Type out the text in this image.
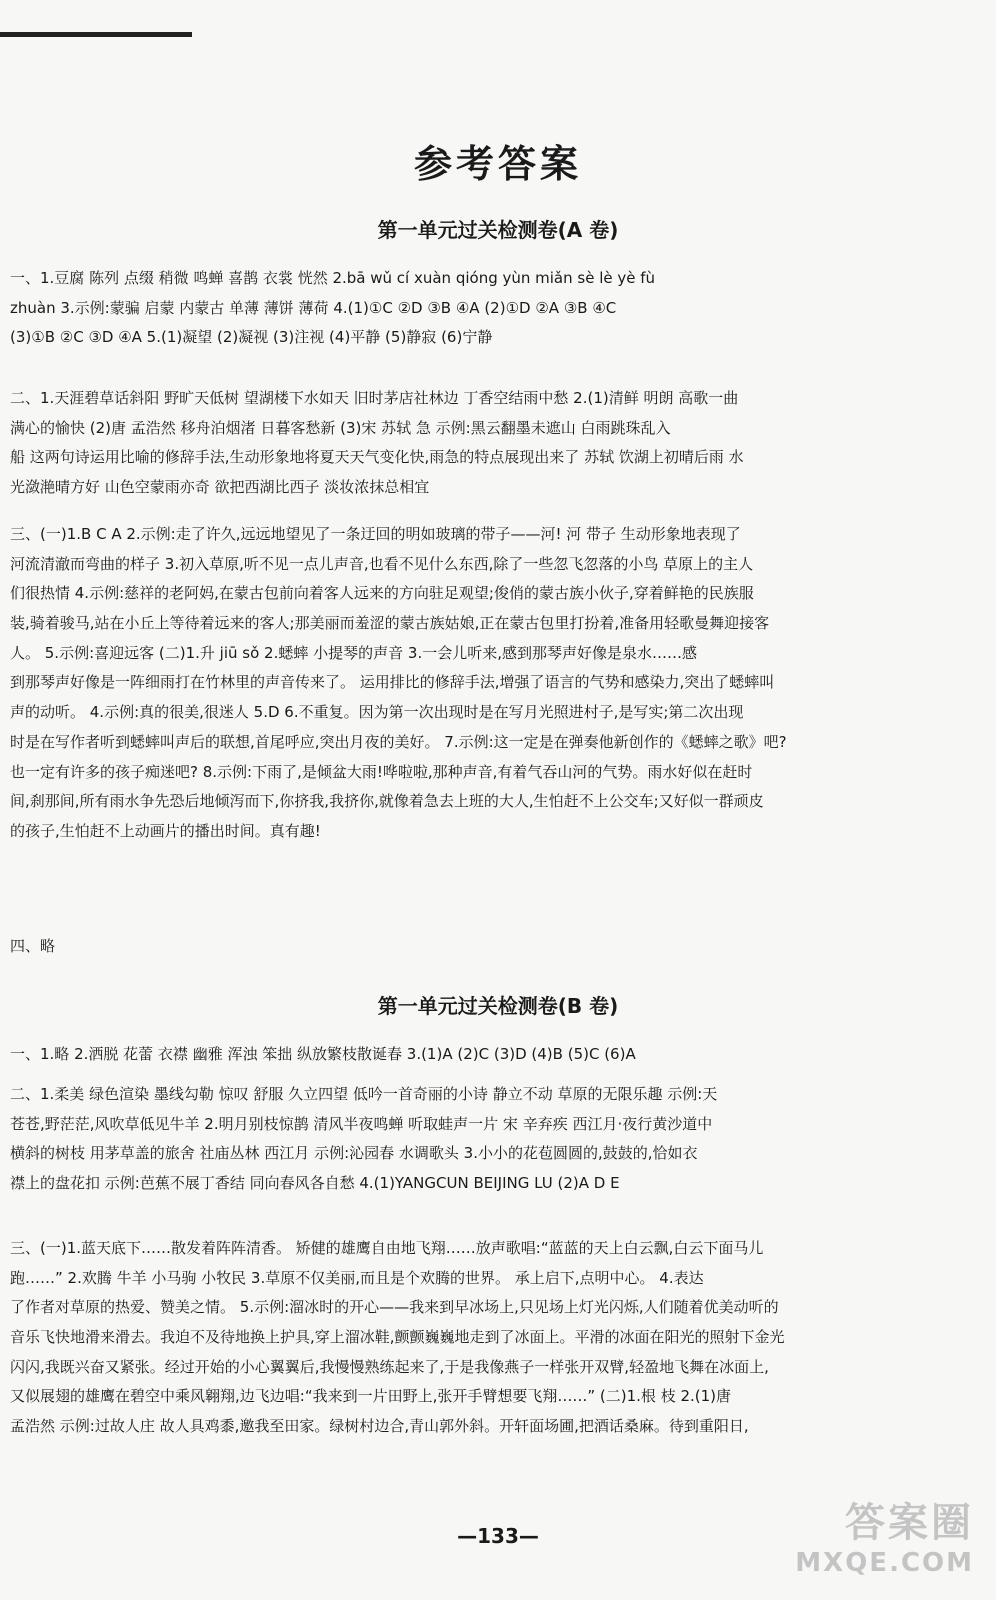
参考答案
第一单元过关检测卷(A 卷)
一、1.豆腐 陈列 点缀 稍微 鸣蝉 喜鹊 衣裳 恍然 2.bā wǔ cí xuàn qióng yùn miǎn sè lè yè fù
zhuàn 3.示例:蒙骗 启蒙 内蒙古 单薄 薄饼 薄荷 4.(1)①C ②D ③B ④A (2)①D ②A ③B ④C
(3)①B ②C ③D ④A 5.(1)凝望 (2)凝视 (3)注视 (4)平静 (5)静寂 (6)宁静
二、1.天涯碧草话斜阳 野旷天低树 望湖楼下水如天 旧时茅店社林边 丁香空结雨中愁 2.(1)清鲜 明朗 高歌一曲
满心的愉快 (2)唐 孟浩然 移舟泊烟渚 日暮客愁新 (3)宋 苏轼 急 示例:黑云翻墨未遮山 白雨跳珠乱入
船 这两句诗运用比喻的修辞手法,生动形象地将夏天天气变化快,雨急的特点展现出来了 苏轼 饮湖上初晴后雨 水
光潋滟晴方好 山色空蒙雨亦奇 欲把西湖比西子 淡妆浓抹总相宜
三、(一)1.B C A 2.示例:走了许久,远远地望见了一条迂回的明如玻璃的带子——河! 河 带子 生动形象地表现了
河流清澈而弯曲的样子 3.初入草原,听不见一点儿声音,也看不见什么东西,除了一些忽飞忽落的小鸟 草原上的主人
们很热情 4.示例:慈祥的老阿妈,在蒙古包前向着客人远来的方向驻足观望;俊俏的蒙古族小伙子,穿着鲜艳的民族服
装,骑着骏马,站在小丘上等待着远来的客人;那美丽而羞涩的蒙古族姑娘,正在蒙古包里打扮着,准备用轻歌曼舞迎接客
人。 5.示例:喜迎远客 (二)1.升 jiū sǒ 2.蟋蟀 小提琴的声音 3.一会儿听来,感到那琴声好像是泉水……感
到那琴声好像是一阵细雨打在竹林里的声音传来了。 运用排比的修辞手法,增强了语言的气势和感染力,突出了蟋蟀叫
声的动听。 4.示例:真的很美,很迷人 5.D 6.不重复。因为第一次出现时是在写月光照进村子,是写实;第二次出现
时是在写作者听到蟋蟀叫声后的联想,首尾呼应,突出月夜的美好。 7.示例:这一定是在弹奏他新创作的《蟋蟀之歌》吧?
也一定有许多的孩子痴迷吧? 8.示例:下雨了,是倾盆大雨!哗啦啦,那种声音,有着气吞山河的气势。雨水好似在赶时
间,刹那间,所有雨水争先恐后地倾泻而下,你挤我,我挤你,就像着急去上班的大人,生怕赶不上公交车;又好似一群顽皮
的孩子,生怕赶不上动画片的播出时间。真有趣!
四、略
第一单元过关检测卷(B 卷)
一、1.略 2.洒脱 花蕾 衣襟 幽雅 浑浊 笨拙 纵放繁枝散诞春 3.(1)A (2)C (3)D (4)B (5)C (6)A
二、1.柔美 绿色渲染 墨线勾勒 惊叹 舒服 久立四望 低吟一首奇丽的小诗 静立不动 草原的无限乐趣 示例:天
苍苍,野茫茫,风吹草低见牛羊 2.明月别枝惊鹊 清风半夜鸣蝉 听取蛙声一片 宋 辛弃疾 西江月·夜行黄沙道中
横斜的树枝 用茅草盖的旅舍 社庙丛林 西江月 示例:沁园春 水调歌头 3.小小的花苞圆圆的,鼓鼓的,恰如衣
襟上的盘花扣 示例:芭蕉不展丁香结 同向春风各自愁 4.(1)YANGCUN BEIJING LU (2)A D E
三、(一)1.蓝天底下……散发着阵阵清香。 矫健的雄鹰自由地飞翔……放声歌唱:“蓝蓝的天上白云飘,白云下面马儿
跑……” 2.欢腾 牛羊 小马驹 小牧民 3.草原不仅美丽,而且是个欢腾的世界。 承上启下,点明中心。 4.表达
了作者对草原的热爱、赞美之情。 5.示例:溜冰时的开心——我来到早冰场上,只见场上灯光闪烁,人们随着优美动听的
音乐飞快地滑来滑去。我迫不及待地换上护具,穿上溜冰鞋,颤颤巍巍地走到了冰面上。平滑的冰面在阳光的照射下金光
闪闪,我既兴奋又紧张。经过开始的小心翼翼后,我慢慢熟练起来了,于是我像燕子一样张开双臂,轻盈地飞舞在冰面上,
又似展翅的雄鹰在碧空中乘风翱翔,边飞边唱:“我来到一片田野上,张开手臂想要飞翔……” (二)1.根 枝 2.(1)唐
孟浩然 示例:过故人庄 故人具鸡黍,邀我至田家。绿树村边合,青山郭外斜。开轩面场圃,把酒话桑麻。待到重阳日,
—133—	答案圈
MXQE.COM
